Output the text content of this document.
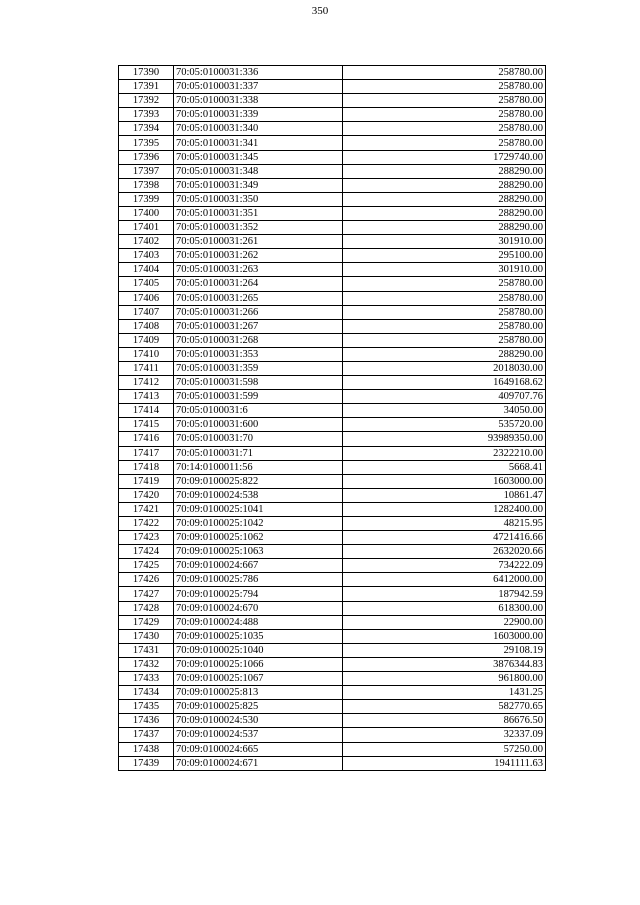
350
17390	70:05:0100031:336	258780.00
17391	70:05:0100031:337	258780.00
17392	70:05:0100031:338	258780.00
17393	70:05:0100031:339	258780.00
17394	70:05:0100031:340	258780.00
17395	70:05:0100031:341	258780.00
17396	70:05:0100031:345	1729740.00
17397	70:05:0100031:348	288290.00
17398	70:05:0100031:349	288290.00
17399	70:05:0100031:350	288290.00
17400	70:05:0100031:351	288290.00
17401	70:05:0100031:352	288290.00
17402	70:05:0100031:261	301910.00
17403	70:05:0100031:262	295100.00
17404	70:05:0100031:263	301910.00
17405	70:05:0100031:264	258780.00
17406	70:05:0100031:265	258780.00
17407	70:05:0100031:266	258780.00
17408	70:05:0100031:267	258780.00
17409	70:05:0100031:268	258780.00
17410	70:05:0100031:353	288290.00
17411	70:05:0100031:359	2018030.00
17412	70:05:0100031:598	1649168.62
17413	70:05:0100031:599	409707.76
17414	70:05:0100031:6	34050.00
17415	70:05:0100031:600	535720.00
17416	70:05:0100031:70	93989350.00
17417	70:05:0100031:71	2322210.00
17418	70:14:0100011:56	5668.41
17419	70:09:0100025:822	1603000.00
17420	70:09:0100024:538	10861.47
17421	70:09:0100025:1041	1282400.00
17422	70:09:0100025:1042	48215.95
17423	70:09:0100025:1062	4721416.66
17424	70:09:0100025:1063	2632020.66
17425	70:09:0100024:667	734222.09
17426	70:09:0100025:786	6412000.00
17427	70:09:0100025:794	187942.59
17428	70:09:0100024:670	618300.00
17429	70:09:0100024:488	22900.00
17430	70:09:0100025:1035	1603000.00
17431	70:09:0100025:1040	29108.19
17432	70:09:0100025:1066	3876344.83
17433	70:09:0100025:1067	961800.00
17434	70:09:0100025:813	1431.25
17435	70:09:0100025:825	582770.65
17436	70:09:0100024:530	86676.50
17437	70:09:0100024:537	32337.09
17438	70:09:0100024:665	57250.00
17439	70:09:0100024:671	1941111.63
